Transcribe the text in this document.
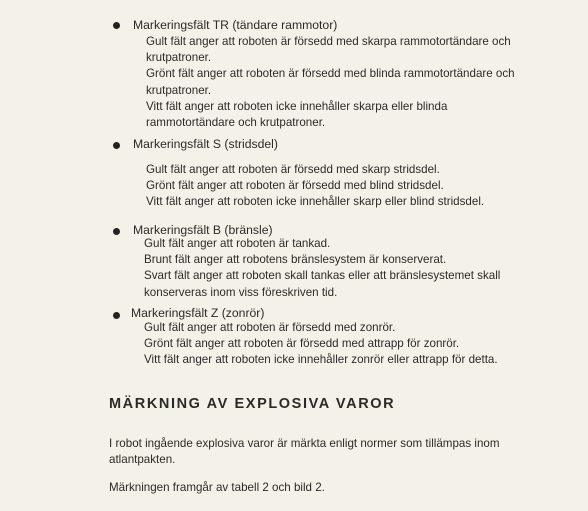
Markeringsfält TR (tändare rammotor)

Gult fält anger att roboten är försedd med skarpa rammotortändare och krutpatroner.

Grönt fält anger att roboten är försedd med blinda rammotortändare och krutpatroner.

Vitt fält anger att roboten icke innehåller skarpa eller blinda rammotortändare och krutpatroner.

Markeringsfält S (stridsdel)

Gult fält anger att roboten är försedd med skarp stridsdel.

Grönt fält anger att roboten är försedd med blind stridsdel.

Vitt fält anger att roboten icke innehåller skarp eller blind stridsdel.

Markeringsfält B (bränsle)

Gult fält anger att roboten är tankad.

Brunt fält anger att robotens bränslesystem är konserverat.

Svart fält anger att roboten skall tankas eller att bränslesystemet skall konserveras inom viss föreskriven tid.

Markeringsfält Z (zonrör)

Gult fält anger att roboten är försedd med zonrör.

Grönt fält anger att roboten är försedd med attrapp för zonrör.

Vitt fält anger att roboten icke innehåller zonrör eller attrapp för detta.

MÄRKNING AV EXPLOSIVA VAROR

I robot ingående explosiva varor är märkta enligt normer som tillämpas inom atlantpakten.

Märkningen framgår av tabell 2 och bild 2.
